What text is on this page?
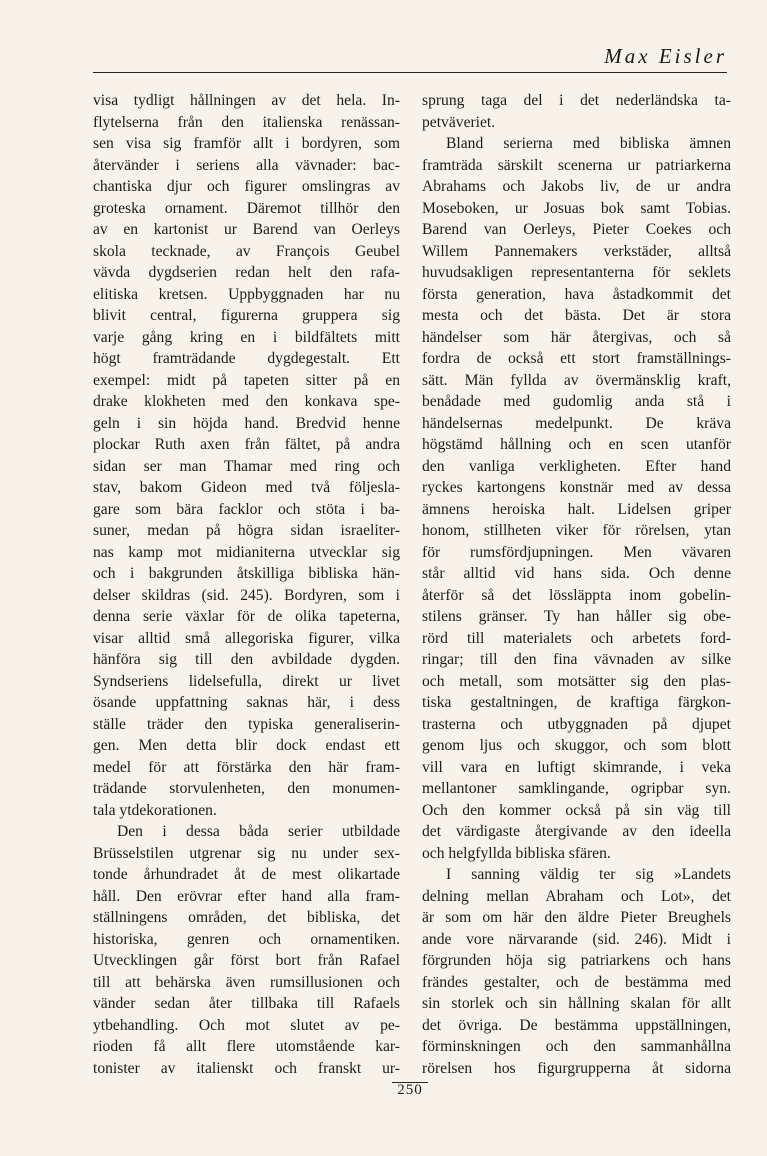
Max Eisler
visa tydligt hållningen av det hela. In-
flytelserna från den italienska renässan-
sen visa sig framför allt i bordyren, som
återvänder i seriens alla vävnader: bac-
chantiska djur och figurer omslingras av
groteska ornament. Däremot tillhör den
av en kartonist ur Barend van Oerleys
skola tecknade, av François Geubel
vävda dygdserien redan helt den rafa-
elitiska kretsen. Uppbyggnaden har nu
blivit central, figurerna gruppera sig
varje gång kring en i bildfältets mitt
högt framträdande dygdegestalt. Ett
exempel: midt på tapeten sitter på en
drake klokheten med den konkava spe-
geln i sin höjda hand. Bredvid henne
plockar Ruth axen från fältet, på andra
sidan ser man Thamar med ring och
stav, bakom Gideon med två följesla-
gare som bära facklor och stöta i ba-
suner, medan på högra sidan israeliter-
nas kamp mot midianiterna utvecklar sig
och i bakgrunden åtskilliga bibliska hän-
delser skildras (sid. 245). Bordyren, som i
denna serie växlar för de olika tapeterna,
visar alltid små allegoriska figurer, vilka
hänföra sig till den avbildade dygden.
Syndseriens lidelsefulla, direkt ur livet
ösande uppfattning saknas här, i dess
ställe träder den typiska generaliserin-
gen. Men detta blir dock endast ett
medel för att förstärka den här fram-
trädande storvulenheten, den monumen-
tala ytdekorationen.
Den i dessa båda serier utbildade
Brüsselstilen utgrenar sig nu under sex-
tonde århundradet åt de mest olikartade
håll. Den erövrar efter hand alla fram-
ställningens områden, det bibliska, det
historiska, genren och ornamentiken.
Utvecklingen går först bort från Rafael
till att behärska även rumsillusionen och
vänder sedan åter tillbaka till Rafaels
ytbehandling. Och mot slutet av pe-
rioden få allt flere utomstående kar-
tonister av italienskt och franskt ur-
sprung taga del i det nederländska ta-
petväveriet.
Bland serierna med bibliska ämnen
framträda särskilt scenerna ur patriarkerna
Abrahams och Jakobs liv, de ur andra
Moseboken, ur Josuas bok samt Tobias.
Barend van Oerleys, Pieter Coekes och
Willem Pannemakers verkstäder, alltså
huvudsakligen representanterna för seklets
första generation, hava åstadkommit det
mesta och det bästa. Det är stora
händelser som här återgivas, och så
fordra de också ett stort framställnings-
sätt. Män fyllda av övermänsklig kraft,
benådade med gudomlig anda stå i
händelsernas medelpunkt. De kräva
högstämd hållning och en scen utanför
den vanliga verkligheten. Efter hand
ryckes kartongens konstnär med av dessa
ämnens heroiska halt. Lidelsen griper
honom, stillheten viker för rörelsen, ytan
för rumsfördjupningen. Men vävaren
står alltid vid hans sida. Och denne
återför så det lössläppta inom gobelin-
stilens gränser. Ty han håller sig obe-
rörd till materialets och arbetets ford-
ringar; till den fina vävnaden av silke
och metall, som motsätter sig den plas-
tiska gestaltningen, de kraftiga färgkon-
trasterna och utbyggnaden på djupet
genom ljus och skuggor, och som blott
vill vara en luftigt skimrande, i veka
mellantoner samklingande, ogripbar syn.
Och den kommer också på sin väg till
det värdigaste återgivande av den ideella
och helgfyllda bibliska sfären.
I sanning väldig ter sig »Landets
delning mellan Abraham och Lot», det
är som om här den äldre Pieter Breughels
ande vore närvarande (sid. 246). Midt i
förgrunden höja sig patriarkens och hans
frändes gestalter, och de bestämma med
sin storlek och sin hållning skalan för allt
det övriga. De bestämma uppställningen,
förminskningen och den sammanhållna
rörelsen hos figurgrupperna åt sidorna
250
